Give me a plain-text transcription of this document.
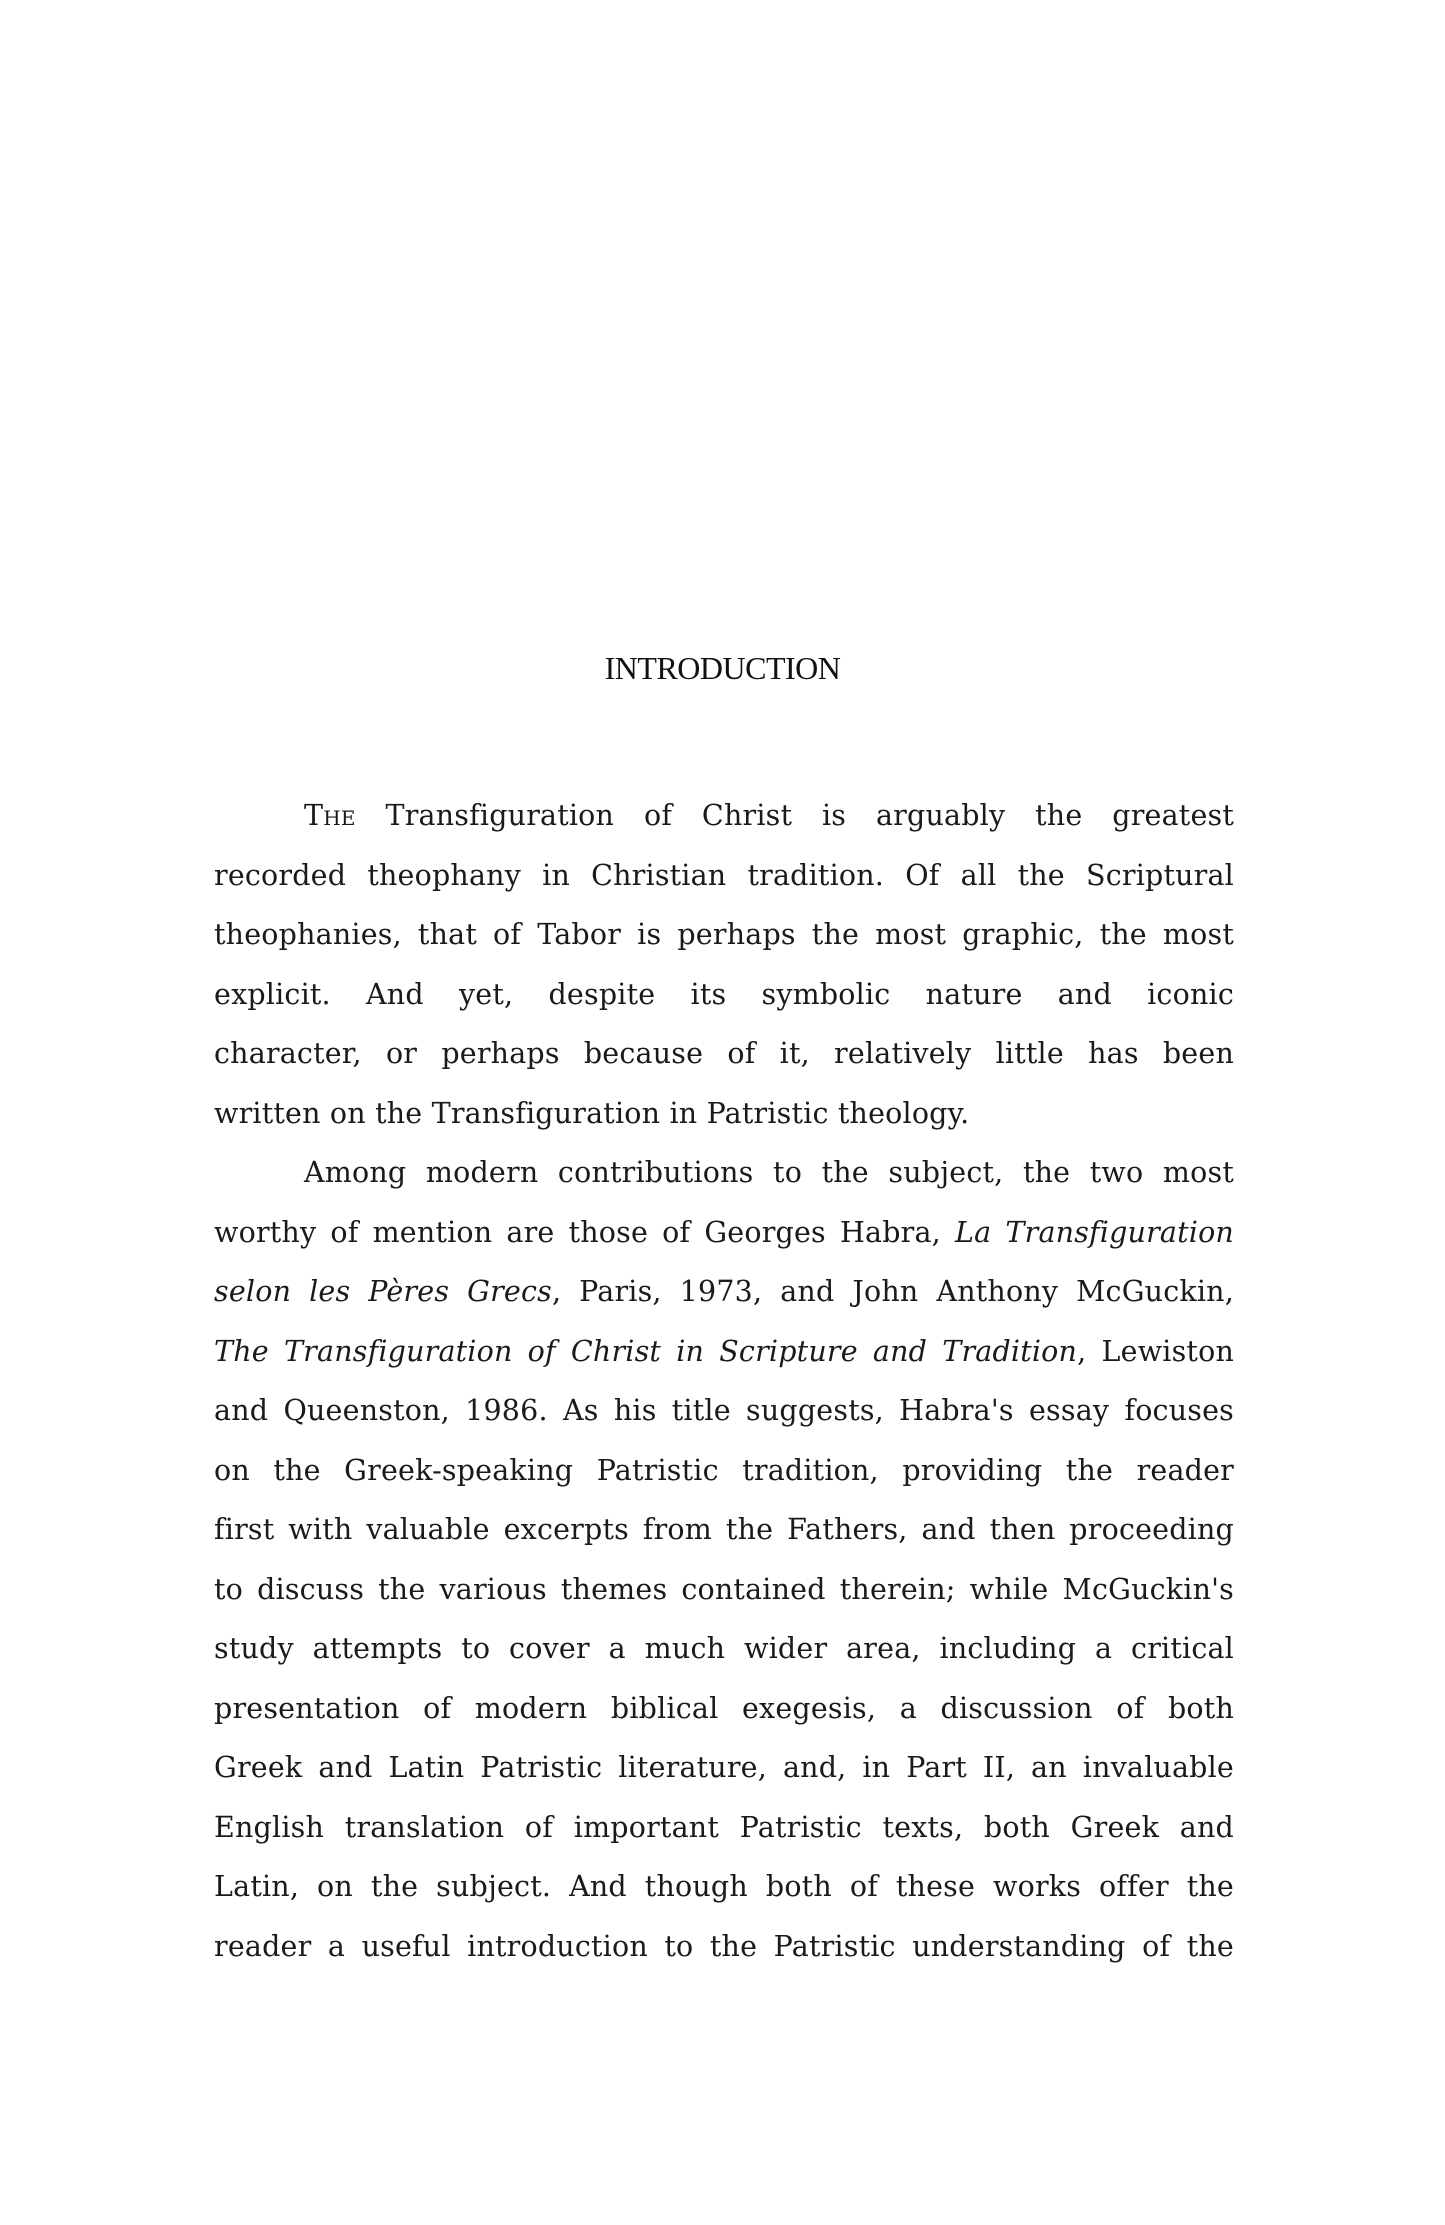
INTRODUCTION
The Transfiguration of Christ is arguably the greatest
recorded theophany in Christian tradition. Of all the Scriptural
theophanies, that of Tabor is perhaps the most graphic, the most
explicit. And yet, despite its symbolic nature and iconic
character, or perhaps because of it, relatively little has been
written on the Transfiguration in Patristic theology.
Among modern contributions to the subject, the two most
worthy of mention are those of Georges Habra, La Transfiguration
selon les Pères Grecs, Paris, 1973, and John Anthony McGuckin,
The Transfiguration of Christ in Scripture and Tradition, Lewiston
and Queenston, 1986. As his title suggests, Habra's essay focuses
on the Greek-speaking Patristic tradition, providing the reader
first with valuable excerpts from the Fathers, and then proceeding
to discuss the various themes contained therein; while McGuckin's
study attempts to cover a much wider area, including a critical
presentation of modern biblical exegesis, a discussion of both
Greek and Latin Patristic literature, and, in Part II, an invaluable
English translation of important Patristic texts, both Greek and
Latin, on the subject. And though both of these works offer the
reader a useful introduction to the Patristic understanding of the
